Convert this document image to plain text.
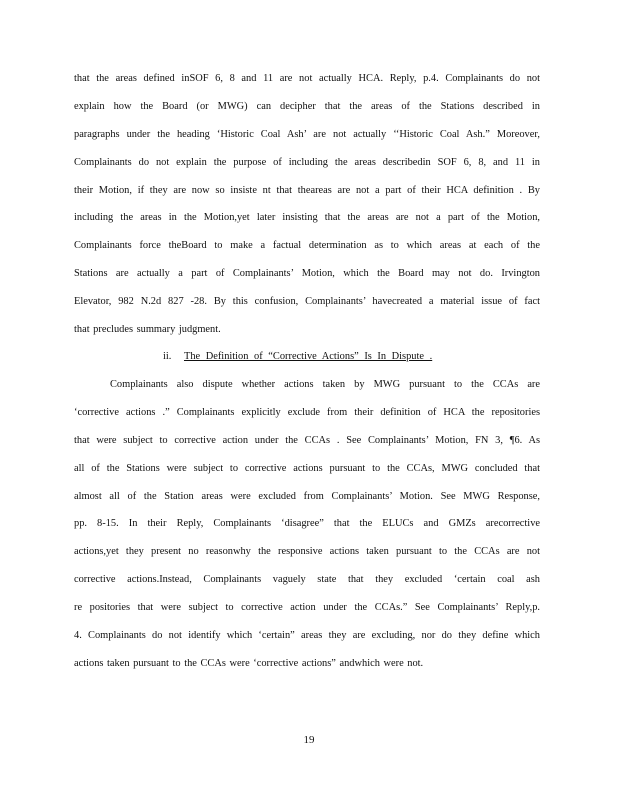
that the areas defined inSOF 6, 8 and 11 are not actually HCA. Reply, p.4. Complainants do not
explain how the Board (or MWG) can decipher that the areas of the Stations described in
paragraphs under the heading ‘Historic Coal Ash’ are not actually ‘‘Historic Coal Ash.” Moreover,
Complainants do not explain the purpose of including the areas describedin SOF 6, 8, and 11 in
their Motion, if they are now so insiste nt that theareas are not a part of their HCA definition . By
including the areas in the Motion,yet later insisting that the areas are not a part of the Motion,
Complainants force theBoard to make a factual determination as to which areas at each of the
Stations are actually a part of Complainants’ Motion, which the Board may not do. Irvington
Elevator, 982 N.2d 827 -28. By this confusion, Complainants’ havecreated a material issue of fact
that precludes summary judgment.
ii. The Definition of “Corrective Actions” Is In Dispute .
Complainants also dispute whether actions taken by MWG pursuant to the CCAs are
‘corrective actions .” Complainants explicitly exclude from their definition of HCA the repositories
that were subject to corrective action under the CCAs . See Complainants’ Motion, FN 3, ¶6. As
all of the Stations were subject to corrective actions pursuant to the CCAs, MWG concluded that
almost all of the Station areas were excluded from Complainants’ Motion. See MWG Response,
pp. 8-15. In their Reply, Complainants ‘disagree” that the ELUCs and GMZs arecorrective
actions,yet they present no reasonwhy the responsive actions taken pursuant to the CCAs are not
corrective actions.Instead, Complainants vaguely state that they excluded ‘certain coal ash
re positories that were subject to corrective action under the CCAs.” See Complainants’ Reply,p.
4. Complainants do not identify which ‘certain” areas they are excluding, nor do they define which
actions taken pursuant to the CCAs were ‘corrective actions” andwhich were not.
19
